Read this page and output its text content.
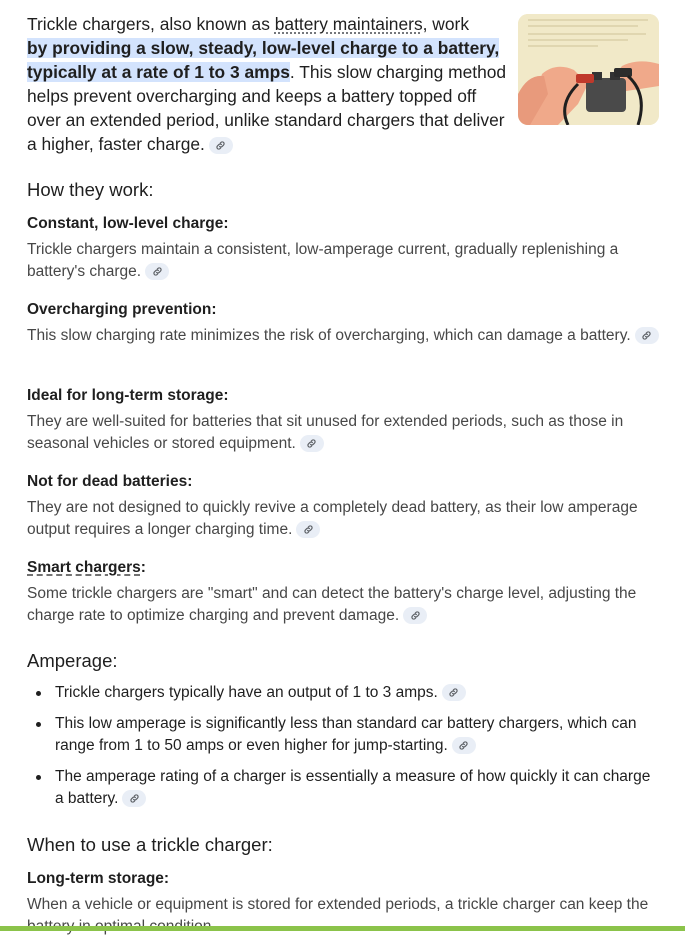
Trickle chargers, also known as battery maintainers, work
by providing a slow, steady, low-level charge to a battery, typically at a rate of 1 to 3 amps. This slow charging method helps prevent overcharging and keeps a battery topped off over an extended period, unlike standard chargers that deliver a higher, faster charge.

How they work:
Constant, low-level charge:

Trickle chargers maintain a consistent, low-amperage current, gradually replenishing a battery's charge.

Overcharging prevention:

This slow charging rate minimizes the risk of overcharging, which can damage a battery.

Ideal for long-term storage:

They are well-suited for batteries that sit unused for extended periods, such as those in seasonal vehicles or stored equipment.

Not for dead batteries:

They are not designed to quickly revive a completely dead battery, as their low amperage output requires a longer charging time.

Smart chargers:

Some trickle chargers are "smart" and can detect the battery's charge level, adjusting the charge rate to optimize charging and prevent damage.

Amperage:
Trickle chargers typically have an output of 1 to 3 amps.
This low amperage is significantly less than standard car battery chargers, which can range from 1 to 50 amps or even higher for jump-starting.
The amperage rating of a charger is essentially a measure of how quickly it can charge a battery.
When to use a trickle charger:
Long-term storage:

When a vehicle or equipment is stored for extended periods, a trickle charger can keep the
